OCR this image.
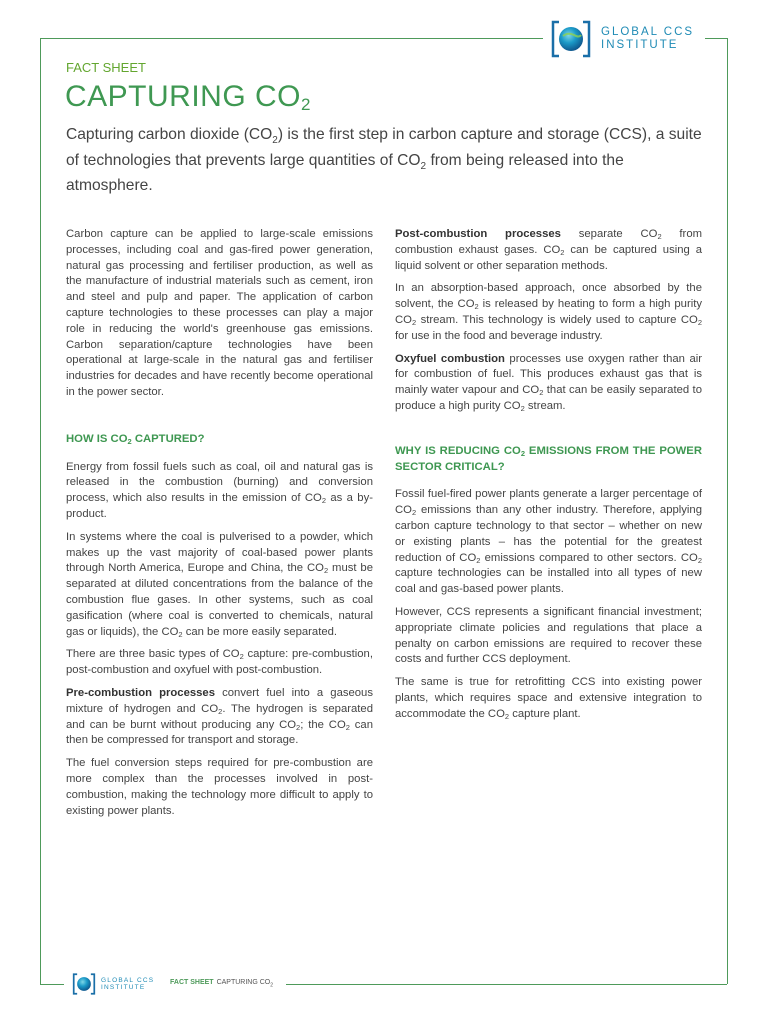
GLOBAL CCS
INSTITUTE
FACT SHEET
CAPTURING $CO_2$

Capturing carbon dioxide $(CO_2)$ is the first step in carbon capture and storage (CCS), a suite of technologies that prevents large quantities of $CO_2$ from being released into the atmosphere.

Carbon capture can be applied to large-scale emissions processes, including coal and gas-fired power generation, natural gas processing and fertiliser production, as well as the manufacture of industrial materials such as cement, iron and steel and pulp and paper. The application of carbon capture technologies to these processes can play a major role in reducing the world's greenhouse gas emissions. Carbon separation/capture technologies have been operational at large-scale in the natural gas and fertiliser industries for decades and have recently become operational in the power sector.

HOW IS $CO_2$ CAPTURED?

Energy from fossil fuels such as coal, oil and natural gas is released in the combustion (burning) and conversion process, which also results in the emission of $CO_2$ as a by-product.

In systems where the coal is pulverised to a powder, which makes up the vast majority of coal-based power plants through North America, Europe and China, the $CO_2$ must be separated at diluted concentrations from the balance of the combustion flue gases. In other systems, such as coal gasification (where coal is converted to chemicals, natural gas or liquids), the $CO_2$ can be more easily separated.

There are three basic types of $CO_2$ capture: pre-combustion, post-combustion and oxyfuel with post-combustion.

Pre-combustion processes convert fuel into a gaseous mixture of hydrogen and $CO_2$. The hydrogen is separated and can be burnt without producing any $CO_2$; the $CO_2$ can then be compressed for transport and storage.

The fuel conversion steps required for pre-combustion are more complex than the processes involved in post-combustion, making the technology more difficult to apply to existing power plants.

Post-combustion processes separate $CO_2$ from combustion exhaust gases. $CO_2$ can be captured using a liquid solvent or other separation methods.

In an absorption-based approach, once absorbed by the solvent, the $CO_2$ is released by heating to form a high purity $CO_2$ stream. This technology is widely used to capture $CO_2$ for use in the food and beverage industry.

Oxyfuel combustion processes use oxygen rather than air for combustion of fuel. This produces exhaust gas that is mainly water vapour and $CO_2$ that can be easily separated to produce a high purity $CO_2$ stream.

WHY IS REDUCING $CO_2$ EMISSIONS FROM THE POWER SECTOR CRITICAL?

Fossil fuel-fired power plants generate a larger percentage of $CO_2$ emissions than any other industry. Therefore, applying carbon capture technology to that sector – whether on new or existing plants – has the potential for the greatest reduction of $CO_2$ emissions compared to other sectors. $CO_2$ capture technologies can be installed into all types of new coal and gas-based power plants.

However, CCS represents a significant financial investment; appropriate climate policies and regulations that place a penalty on carbon emissions are required to recover these costs and further CCS deployment.

The same is true for retrofitting CCS into existing power plants, which requires space and extensive integration to accommodate the $CO_2$ capture plant.

GLOBAL CCS
INSTITUTE
FACT SHEET CAPTURING $CO_2$
